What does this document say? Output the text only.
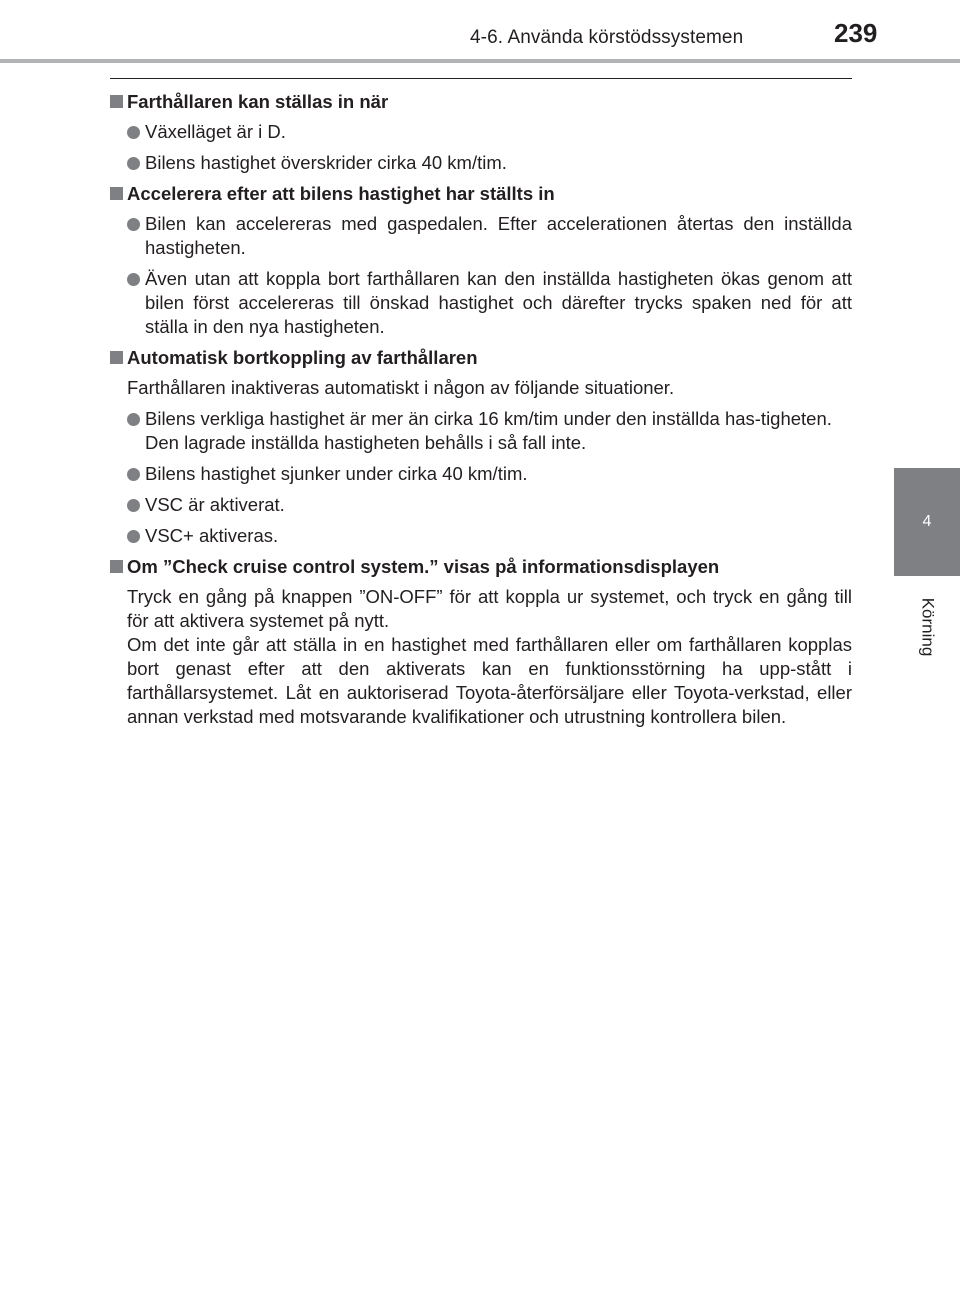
4-6. Använda körstödssystemen	239
4
Körning
Farthållaren kan ställas in när
Växelläget är i D.
Bilens hastighet överskrider cirka 40 km/tim.
Accelerera efter att bilens hastighet har ställts in
Bilen kan accelereras med gaspedalen. Efter accelerationen återtas den inställda hastigheten.
Även utan att koppla bort farthållaren kan den inställda hastigheten ökas genom att bilen först accelereras till önskad hastighet och därefter trycks spaken ned för att ställa in den nya hastigheten.
Automatisk bortkoppling av farthållaren
Farthållaren inaktiveras automatiskt i någon av följande situationer.
Bilens verkliga hastighet är mer än cirka 16 km/tim under den inställda has-tigheten.
Den lagrade inställda hastigheten behålls i så fall inte.
Bilens hastighet sjunker under cirka 40 km/tim.
VSC är aktiverat.
VSC+ aktiveras.
Om ”Check cruise control system.” visas på informationsdisplayen
Tryck en gång på knappen ”ON-OFF” för att koppla ur systemet, och tryck en gång till för att aktivera systemet på nytt.
Om det inte går att ställa in en hastighet med farthållaren eller om farthållaren kopplas bort genast efter att den aktiverats kan en funktionsstörning ha upp-stått i farthållarsystemet. Låt en auktoriserad Toyota-återförsäljare eller Toyota-verkstad, eller annan verkstad med motsvarande kvalifikationer och utrustning kontrollera bilen.
